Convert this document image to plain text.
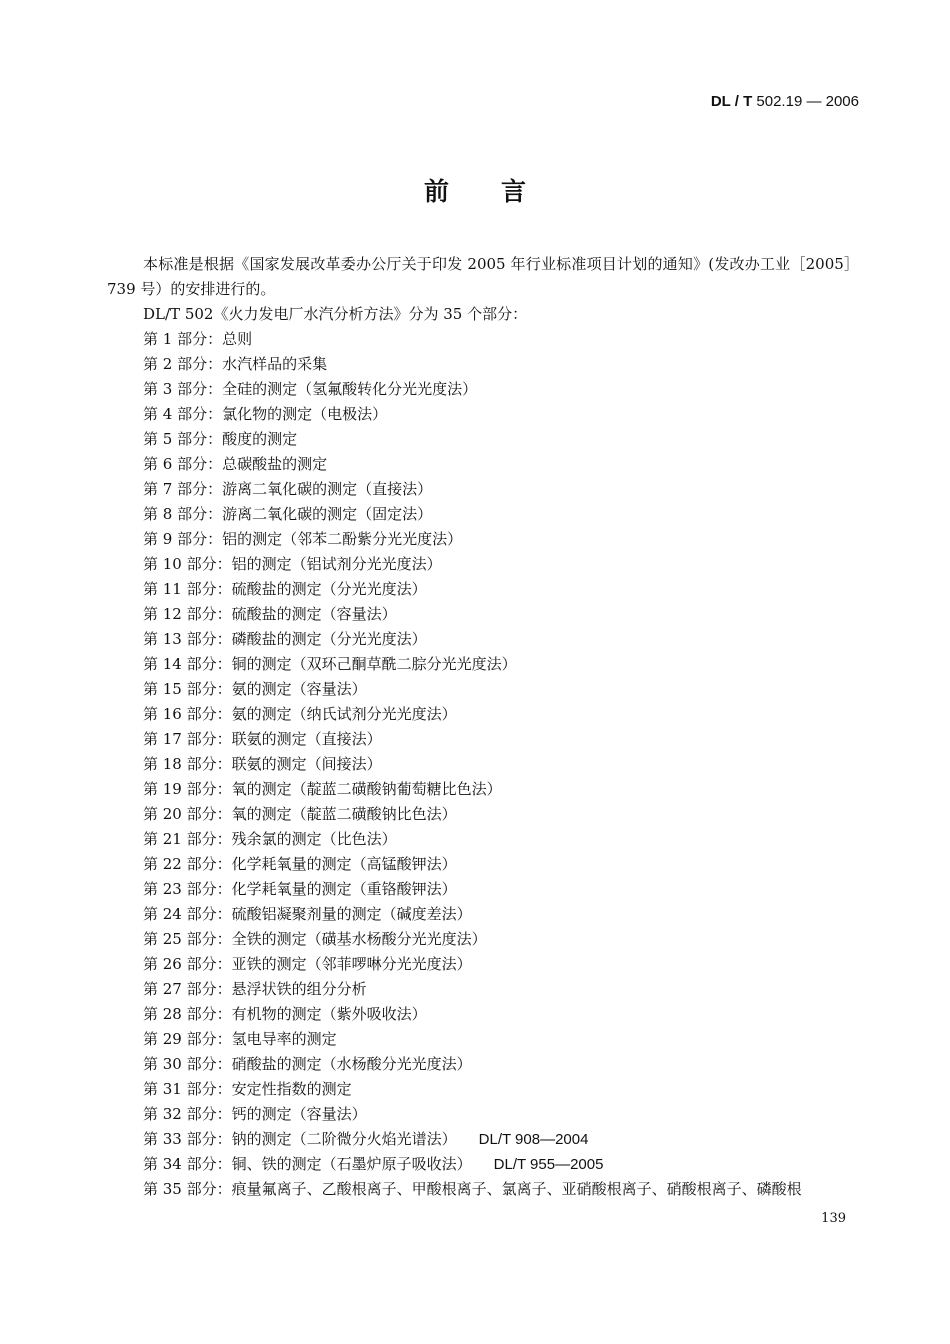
DL / T 502.19 — 2006
前 言

本标准是根据《国家发展改革委办公厅关于印发 2005 年行业标准项目计划的通知》(发改办工业［2005］739 号）的安排进行的。

DL/T 502《火力发电厂水汽分析方法》分为 35 个部分：

第 1 部分：总则

第 2 部分：水汽样品的采集

第 3 部分：全硅的测定（氢氟酸转化分光光度法）

第 4 部分：氯化物的测定（电极法）

第 5 部分：酸度的测定

第 6 部分：总碳酸盐的测定

第 7 部分：游离二氧化碳的测定（直接法）

第 8 部分：游离二氧化碳的测定（固定法）

第 9 部分：铝的测定（邻苯二酚紫分光光度法）

第 10 部分：铝的测定（铝试剂分光光度法）

第 11 部分：硫酸盐的测定（分光光度法）

第 12 部分：硫酸盐的测定（容量法）

第 13 部分：磷酸盐的测定（分光光度法）

第 14 部分：铜的测定（双环己酮草酰二腙分光光度法）

第 15 部分：氨的测定（容量法）

第 16 部分：氨的测定（纳氏试剂分光光度法）

第 17 部分：联氨的测定（直接法）

第 18 部分：联氨的测定（间接法）

第 19 部分：氧的测定（靛蓝二磺酸钠葡萄糖比色法）

第 20 部分：氧的测定（靛蓝二磺酸钠比色法）

第 21 部分：残余氯的测定（比色法）

第 22 部分：化学耗氧量的测定（高锰酸钾法）

第 23 部分：化学耗氧量的测定（重铬酸钾法）

第 24 部分：硫酸铝凝聚剂量的测定（碱度差法）

第 25 部分：全铁的测定（磺基水杨酸分光光度法）

第 26 部分：亚铁的测定（邻菲啰啉分光光度法）

第 27 部分：悬浮状铁的组分分析

第 28 部分：有机物的测定（紫外吸收法）

第 29 部分：氢电导率的测定

第 30 部分：硝酸盐的测定（水杨酸分光光度法）

第 31 部分：安定性指数的测定

第 32 部分：钙的测定（容量法）

第 33 部分：钠的测定（二阶微分火焰光谱法） DL/T 908—2004

第 34 部分：铜、铁的测定（石墨炉原子吸收法） DL/T 955—2005

第 35 部分：痕量氟离子、乙酸根离子、甲酸根离子、氯离子、亚硝酸根离子、硝酸根离子、磷酸根

139
